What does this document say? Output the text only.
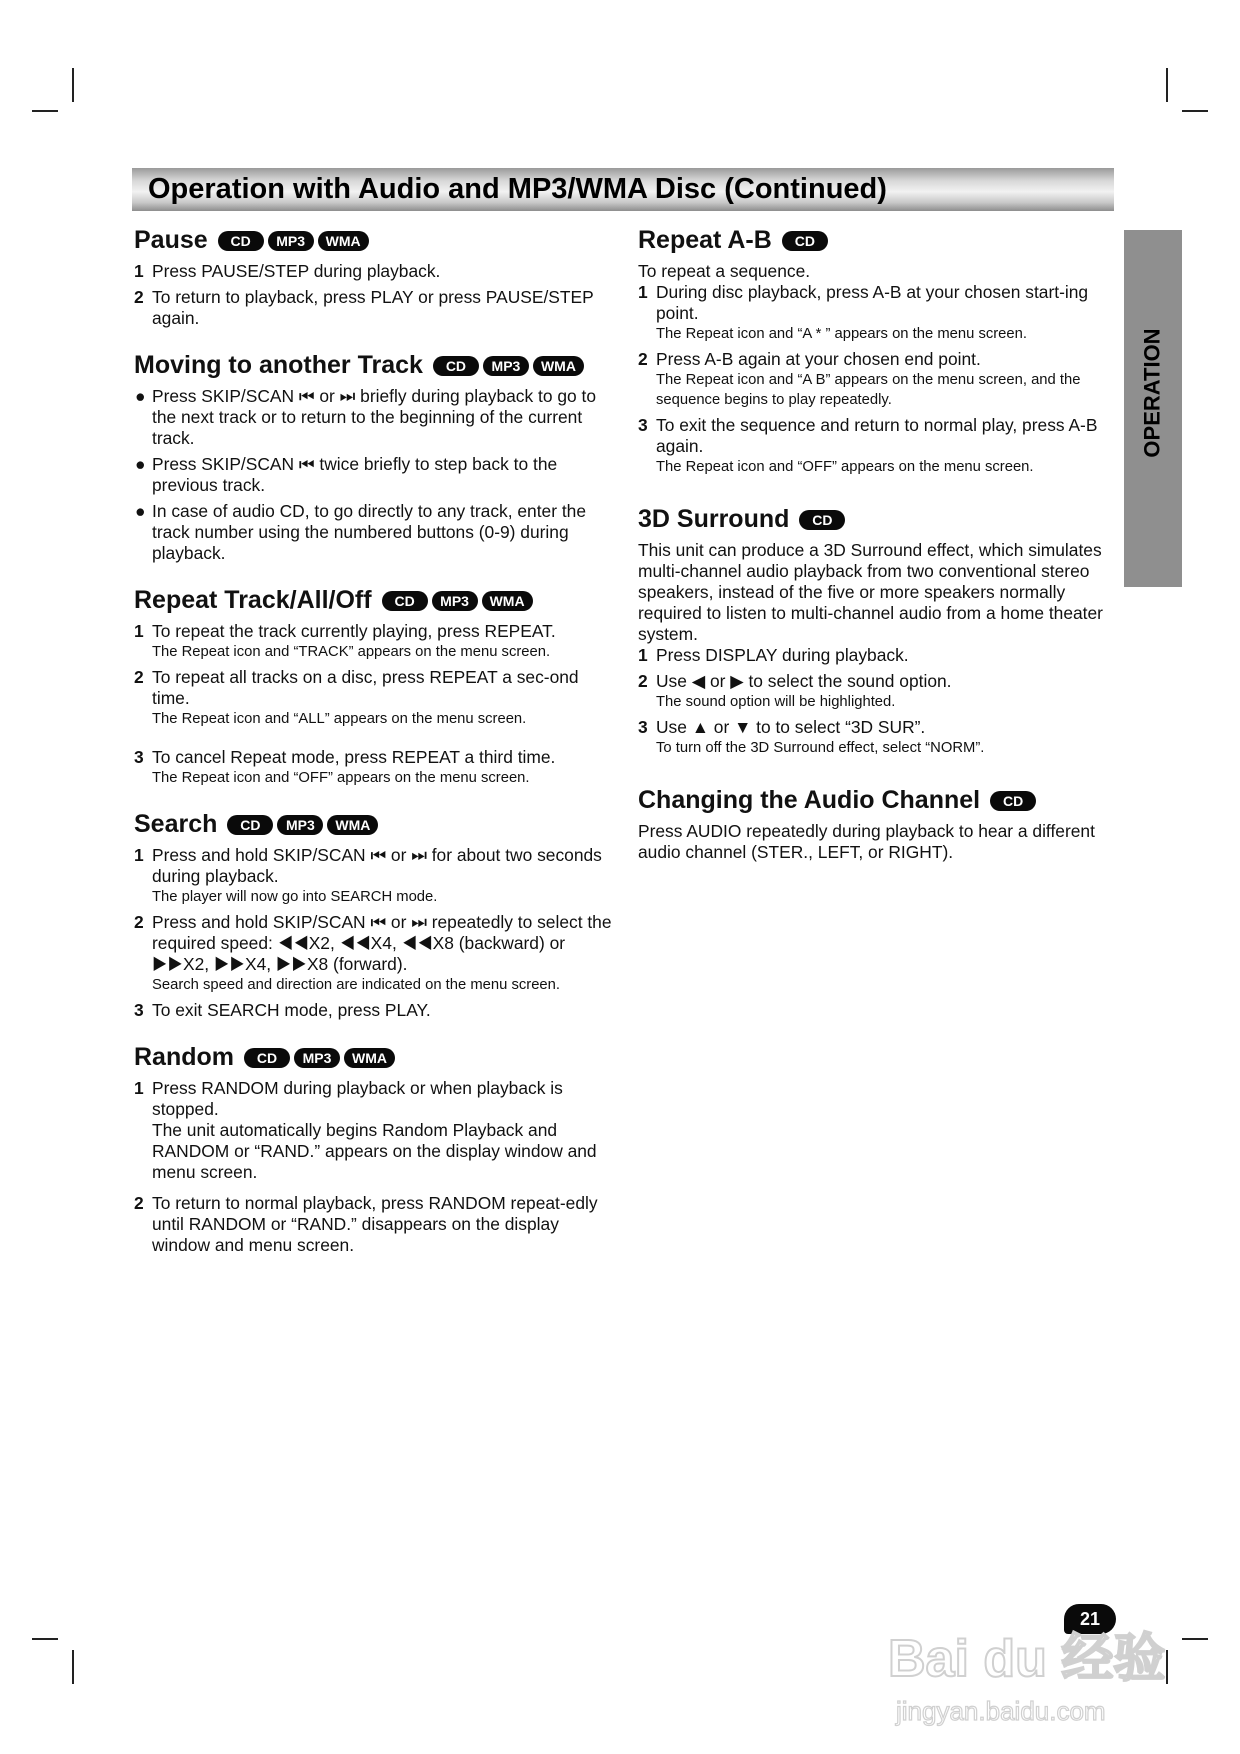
Operation with Audio and MP3/WMA Disc (Continued)
OPERATION
Pause	CD	MP3	WMA
1 Press PAUSE/STEP during playback.
2 To return to playback, press PLAY or press PAUSE/STEP again.
Moving to another Track	CD	MP3	WMA
● Press SKIP/SCAN ⏮ or ⏭ briefly during playback to go to the next track or to return to the beginning of the current track.
● Press SKIP/SCAN ⏮ twice briefly to step back to the previous track.
● In case of audio CD, to go directly to any track, enter the track number using the numbered buttons (0-9) during playback.
Repeat Track/All/Off	CD	MP3	WMA
1 To repeat the track currently playing, press REPEAT.
The Repeat icon and “TRACK” appears on the menu screen.
2 To repeat all tracks on a disc, press REPEAT a sec-ond time.
The Repeat icon and “ALL” appears on the menu screen.
3 To cancel Repeat mode, press REPEAT a third time.
The Repeat icon and “OFF” appears on the menu screen.
Search	CD	MP3	WMA
1 Press and hold SKIP/SCAN ⏮ or ⏭ for about two seconds during playback.
The player will now go into SEARCH mode.
2 Press and hold SKIP/SCAN ⏮ or ⏭ repeatedly to select the required speed: ◀◀X2, ◀◀X4, ◀◀X8 (backward) or ▶▶X2, ▶▶X4, ▶▶X8 (forward).
Search speed and direction are indicated on the menu screen.
3 To exit SEARCH mode, press PLAY.
Random	CD	MP3	WMA
1 Press RANDOM during playback or when playback is stopped.
The unit automatically begins Random Playback and RANDOM or “RAND.” appears on the display window and menu screen.
2 To return to normal playback, press RANDOM repeat-edly until RANDOM or “RAND.” disappears on the display window and menu screen.
Repeat A-B	CD
To repeat a sequence.
1 During disc playback, press A-B at your chosen start-ing point.
The Repeat icon and “A * ” appears on the menu screen.
2 Press A-B again at your chosen end point.
The Repeat icon and “A B” appears on the menu screen, and the sequence begins to play repeatedly.
3 To exit the sequence and return to normal play, press A-B again.
The Repeat icon and “OFF” appears on the menu screen.
3D Surround	CD
This unit can produce a 3D Surround effect, which simulates multi-channel audio playback from two conventional stereo speakers, instead of the five or more speakers normally required to listen to multi-channel audio from a home theater system.
1 Press DISPLAY during playback.
2 Use ◀ or ▶ to select the sound option.
The sound option will be highlighted.
3 Use ▲ or ▼ to to select “3D SUR”.
To turn off the 3D Surround effect, select “NORM”.
Changing the Audio Channel	CD
Press AUDIO repeatedly during playback to hear a different audio channel (STER., LEFT, or RIGHT).
21
Bai du 经验
jingyan.baidu.com
